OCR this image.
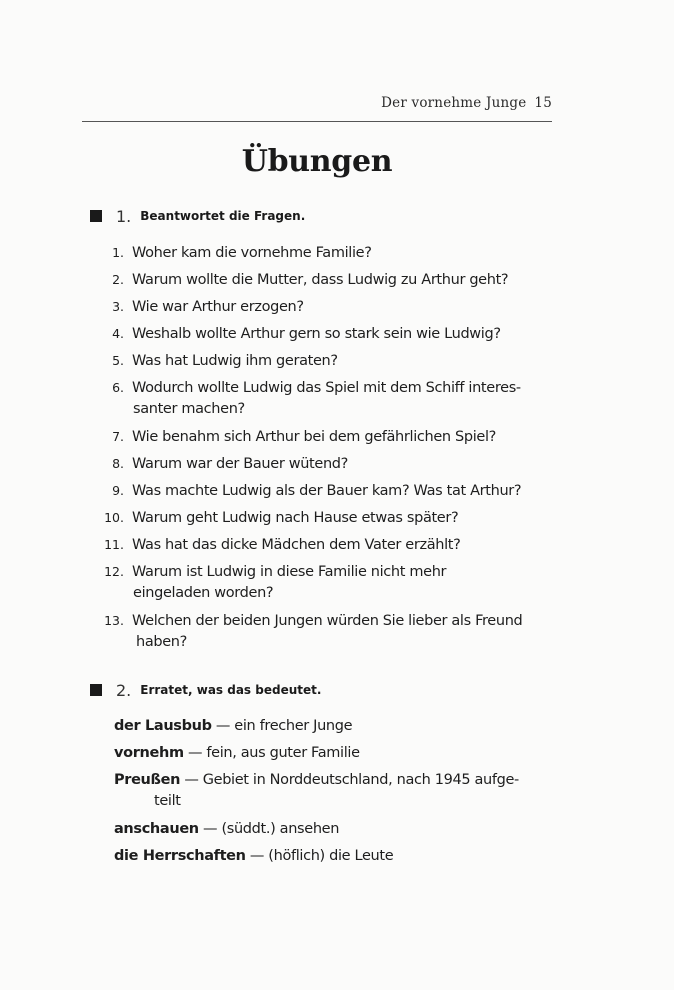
Der vornehme Junge 15
Übungen
1. Beantwortet die Fragen.
1. Woher kam die vornehme Familie?
2. Warum wollte die Mutter, dass Ludwig zu Arthur geht?
3. Wie war Arthur erzogen?
4. Weshalb wollte Arthur gern so stark sein wie Ludwig?
5. Was hat Ludwig ihm geraten?
6. Wodurch wollte Ludwig das Spiel mit dem Schiff interes-
santer machen?
7. Wie benahm sich Arthur bei dem gefährlichen Spiel?
8. Warum war der Bauer wütend?
9. Was machte Ludwig als der Bauer kam? Was tat Arthur?
10. Warum geht Ludwig nach Hause etwas später?
11. Was hat das dicke Mädchen dem Vater erzählt?
12. Warum ist Ludwig in diese Familie nicht mehr
eingeladen worden?
13. Welchen der beiden Jungen würden Sie lieber als Freund
haben?
2. Erratet, was das bedeutet.
der Lausbub — ein frecher Junge
vornehm — fein, aus guter Familie
Preußen — Gebiet in Norddeutschland, nach 1945 aufge-
teilt
anschauen — (süddt.) ansehen
die Herrschaften — (höflich) die Leute
